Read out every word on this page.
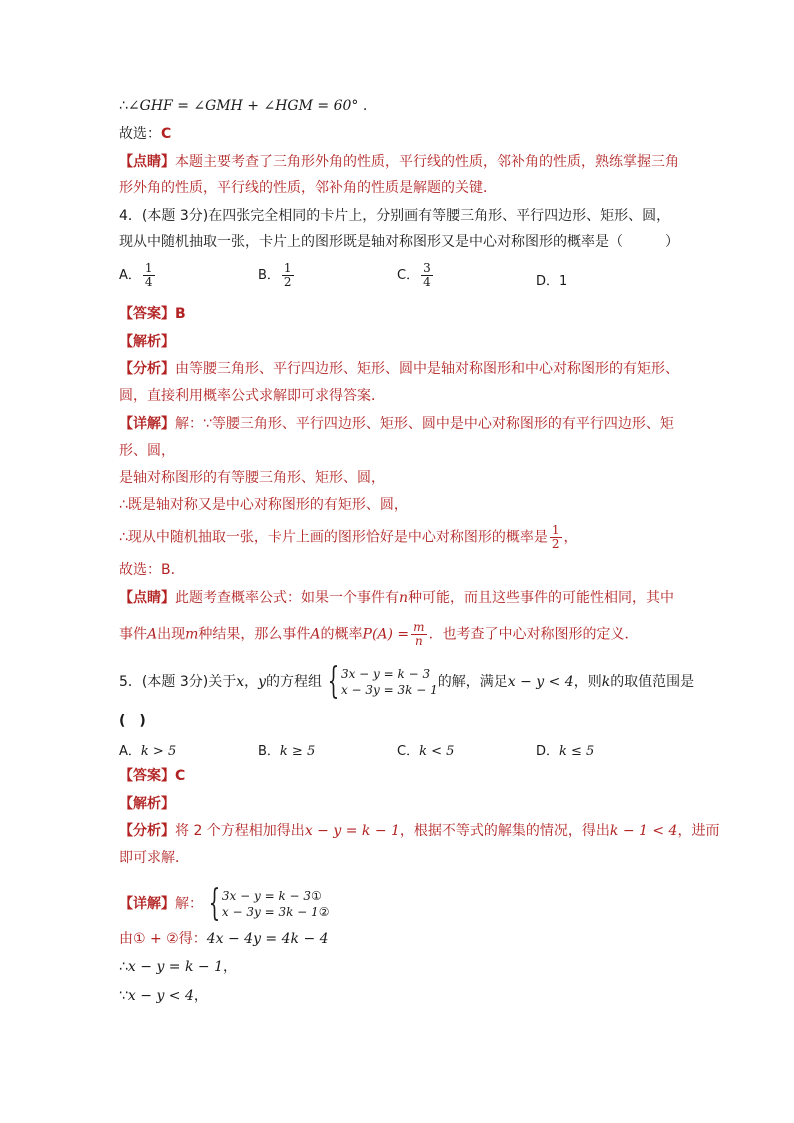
∴∠GHF = ∠GMH + ∠HGM = 60° .
故选：C
【点睛】本题主要考查了三角形外角的性质，平行线的性质，邻补角的性质，熟练掌握三角
形外角的性质，平行线的性质，邻补角的性质是解题的关键．
4．(本题 3分)在四张完全相同的卡片上，分别画有等腰三角形、平行四边形、矩形、圆，
现从中随机抽取一张，卡片上的图形既是轴对称图形又是中心对称图形的概率是（　　　）
A． $\frac{1}{4}$	B． $\frac{1}{2}$	C． $\frac{3}{4}$	D．1
【答案】B
【解析】
【分析】由等腰三角形、平行四边形、矩形、圆中是轴对称图形和中心对称图形的有矩形、
圆，直接利用概率公式求解即可求得答案．
【详解】解：∵等腰三角形、平行四边形、矩形、圆中是中心对称图形的有平行四边形、矩
形、圆，
是轴对称图形的有等腰三角形、矩形、圆，
∴既是轴对称又是中心对称图形的有矩形、圆，
∴现从中随机抽取一张，卡片上画的图形恰好是中心对称图形的概率是 $\frac{1}{2}$ ，
故选：B．
【点睛】此题考查概率公式：如果一个事件有n种可能，而且这些事件的可能性相同，其中
事件A出现m种结果，那么事件A的概率$P(A) = \frac{m}{n}$ ．也考查了中心对称图形的定义．
5．(本题 3分)关于x，y的方程组 { 3x − y = k − 3
x − 3y = 3k − 1 的解，满足x − y < 4，则k的取值范围是
(　)
A．k > 5	B．k ≥ 5	C．k < 5	D．k ≤ 5
【答案】C
【解析】
【分析】将 2 个方程相加得出x − y = k − 1，根据不等式的解集的情况，得出k − 1 < 4，进而
即可求解．
【详解】解： { 3x − y = k − 3①
x − 3y = 3k − 1②
由① + ②得：4x − 4y = 4k − 4
∴x − y = k − 1，
∵x − y < 4，
